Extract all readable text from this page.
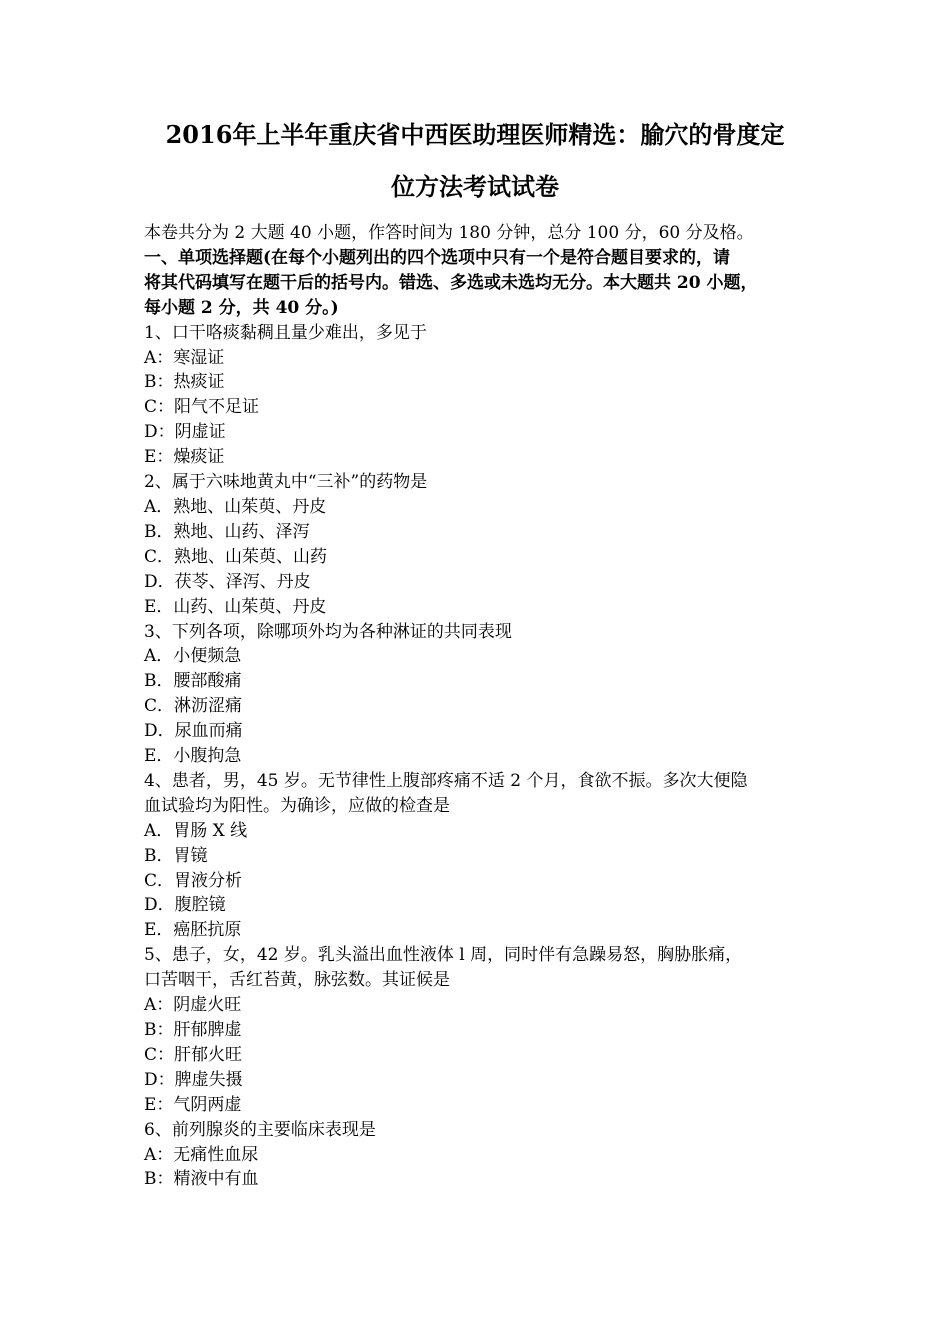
2016年上半年重庆省中西医助理医师精选：腧穴的骨度定
位方法考试试卷
本卷共分为 2 大题 40 小题，作答时间为 180 分钟，总分 100 分，60 分及格。
一、单项选择题(在每个小题列出的四个选项中只有一个是符合题目要求的，请
将其代码填写在题干后的括号内。错选、多选或未选均无分。本大题共 20 小题，
每小题 2 分，共 40 分。)
1、口干咯痰黏稠且量少难出，多见于
A：寒湿证
B：热痰证
C：阳气不足证
D：阴虚证
E：燥痰证
2、属于六味地黄丸中“三补”的药物是
A．熟地、山茱萸、丹皮
B．熟地、山药、泽泻
C．熟地、山茱萸、山药
D．茯苓、泽泻、丹皮
E．山药、山茱萸、丹皮
3、下列各项，除哪项外均为各种淋证的共同表现
A．小便频急
B．腰部酸痛
C．淋沥涩痛
D．尿血而痛
E．小腹拘急
4、患者，男，45 岁。无节律性上腹部疼痛不适 2 个月，食欲不振。多次大便隐
血试验均为阳性。为确诊，应做的检查是
A．胃肠 X 线
B．胃镜
C．胃液分析
D．腹腔镜
E．癌胚抗原
5、患子，女，42 岁。乳头溢出血性液体 l 周，同时伴有急躁易怒，胸胁胀痛，
口苦咽干，舌红苔黄，脉弦数。其证候是
A：阴虚火旺
B：肝郁脾虚
C：肝郁火旺
D：脾虚失摄
E：气阴两虚
6、前列腺炎的主要临床表现是
A：无痛性血尿
B：精液中有血
